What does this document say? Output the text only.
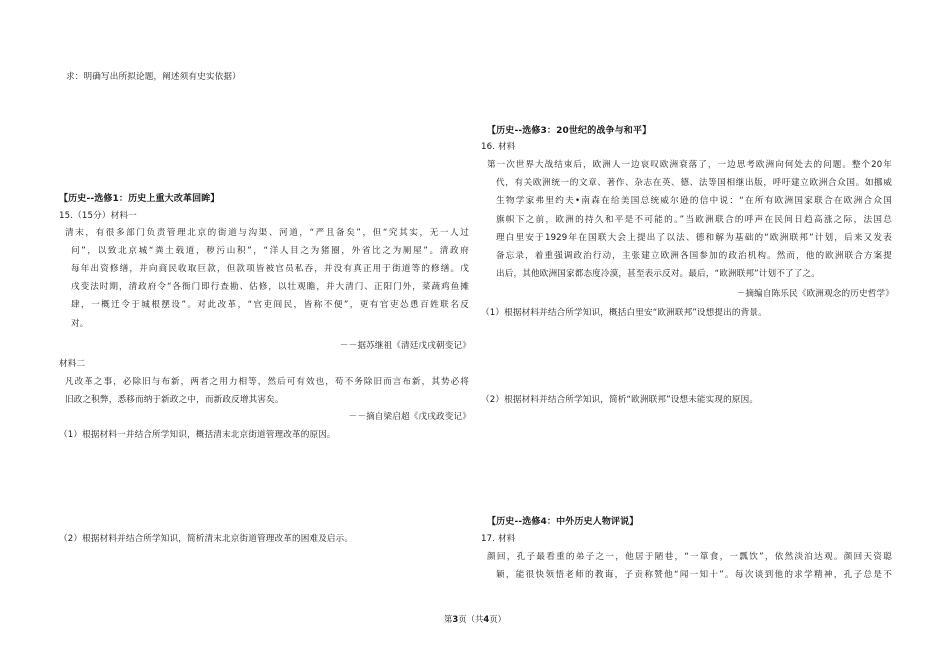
求：明确写出所拟论题，阐述须有史实依据）
【历史--选修1：历史上重大改革回眸】
15.（15分）材料一
清末，有很多部门负责管理北京的街道与沟渠、河道，“严且备矣”，但“究其实，无一人过
问”，以致北京城“粪土载道，秽污山积”，“洋人目之为猪圈，外省比之为厕屋”。清政府
每年出资修缮，并向商民收取巨款，但款项皆被官员私吞，并没有真正用于街道等的修缮。戊
戌变法时期，清政府令“各衙门即行查勘、估修，以壮观瞻，并大清门、正阳门外，菜蔬鸡鱼摊
肆，一概迁令于城根摆设”。对此改革，“官吏闾民，皆称不便”，更有官吏怂恿百姓联名反
对。
－－据苏继祖《清廷戊戌朝变记》
材料二
凡改革之事，必除旧与布新，两者之用力相等，然后可有效也，苟不务除旧而言布新，其势必将
旧政之积弊，悉移而纳于新政之中，而新政反增其害矣。
－－摘自梁启超《戊戌政变记》
（1）根据材料一并结合所学知识，概括清末北京街道管理改革的原因。
（2）根据材料并结合所学知识，简析清末北京街道管理改革的困难及启示。
【历史--选修3：20世纪的战争与和平】
16. 材料
第一次世界大战结束后，欧洲人一边哀叹欧洲衰落了，一边思考欧洲向何处去的问题。整个20年
代，有关欧洲统一的文章、著作、杂志在英、德、法等国相继出版，呼吁建立欧洲合众国。如挪威
生物学家弗里约夫•南森在给美国总统威尔逊的信中说：“在所有欧洲国家联合在欧洲合众国
旗帜下之前，欧洲的持久和平是不可能的。”当欧洲联合的呼声在民间日趋高涨之际，法国总
理白里安于1929年在国联大会上提出了以法、德和解为基础的“欧洲联邦”计划，后来又发表
备忘录，着重强调政治行动，主张建立欧洲各国参加的政治机构。然而，他的欧洲联合方案提
出后，其他欧洲国家都态度冷漠，甚至表示反对。最后，“欧洲联邦”计划不了了之。
－摘编自陈乐民《欧洲观念的历史哲学》
（1）根据材料并结合所学知识，概括白里安“欧洲联邦”设想提出的背景。
（2）根据材料并结合所学知识，简析“欧洲联邦”设想未能实现的原因。
【历史--选修4：中外历史人物评说】
17. 材料
颜回，孔子最看重的弟子之一，他居于陋巷，“一箪食，一瓢饮”，依然淡泊达观。颜回天资聪
颖，能很快领悟老师的教诲，子贡称赞他“闻一知十”。每次谈到他的求学精神，孔子总是不
第3页（共4页）
